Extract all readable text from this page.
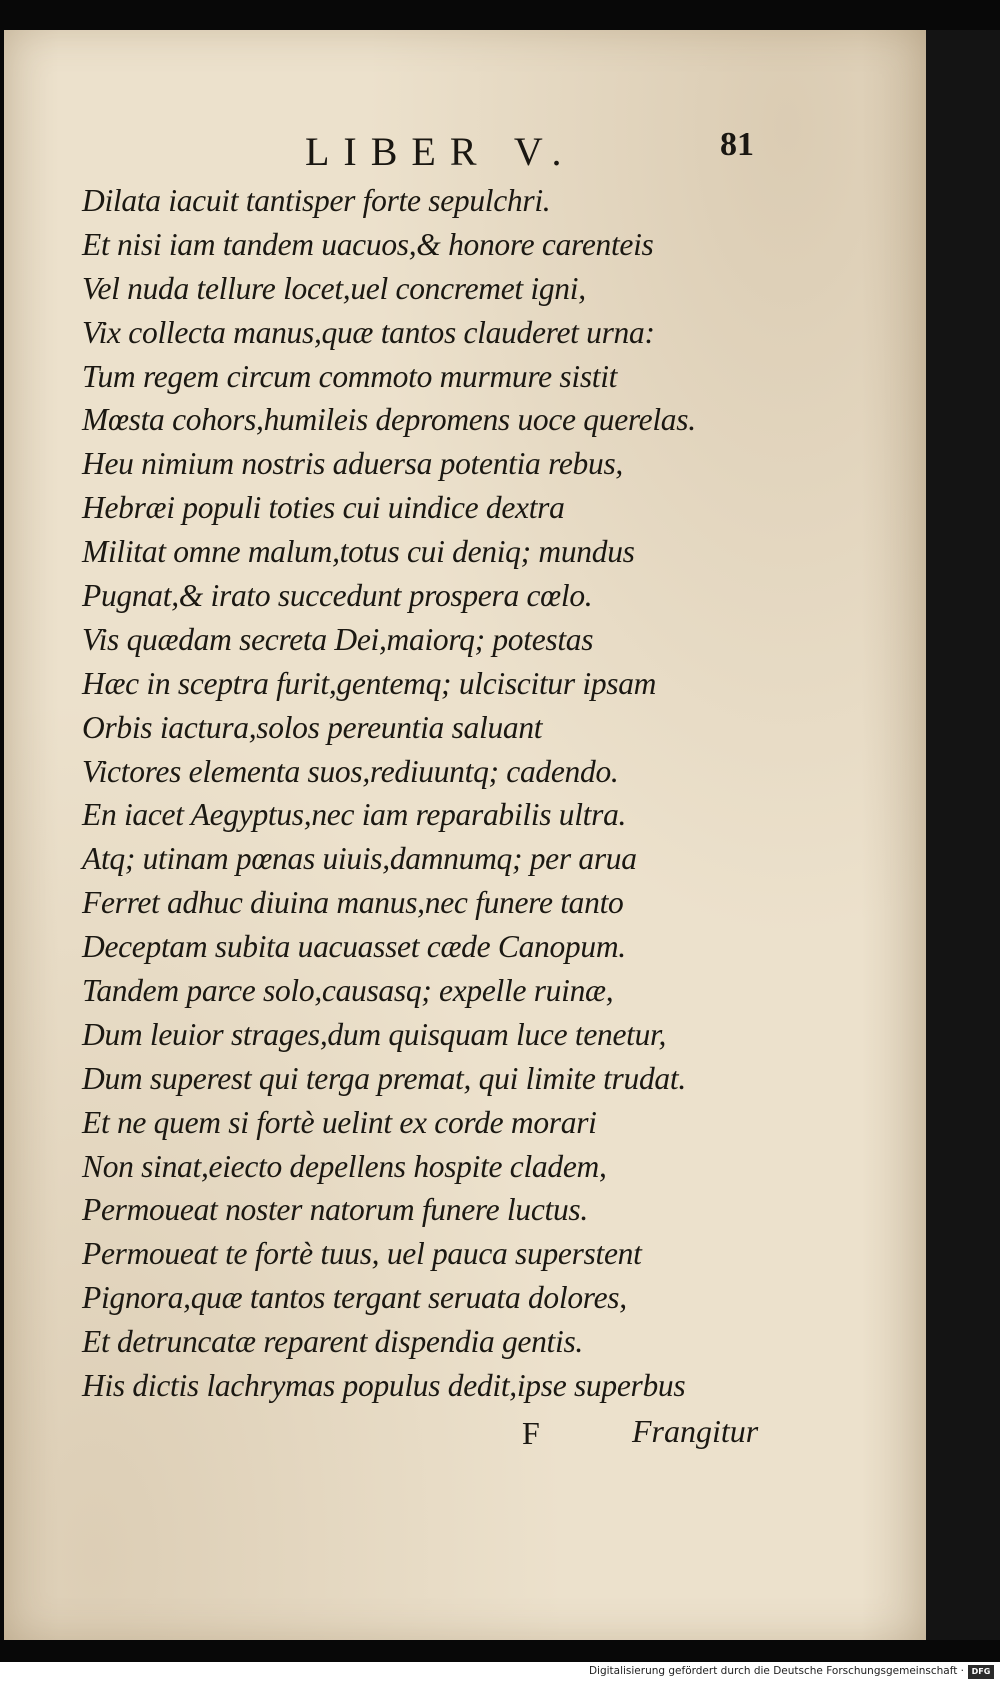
LIBER V.	81
Dilata iacuit tantisper forte sepulchri.
Et nisi iam tandem uacuos,& honore carenteis
Vel nuda tellure locet,uel concremet igni,
Vix collecta manus,quæ tantos clauderet urna:
Tum regem circum commoto murmure sistit
Mœsta cohors,humileis depromens uoce querelas.
Heu nimium nostris aduersa potentia rebus,
Hebræi populi toties cui uindice dextra
Militat omne malum,totus cui deniq; mundus
Pugnat,& irato succedunt prospera cœlo.
Vis quædam secreta Dei,maiorq; potestas
Hæc in sceptra furit,gentemq; ulciscitur ipsam
Orbis iactura,solos pereuntia saluant
Victores elementa suos,rediuuntq; cadendo.
En iacet Aegyptus,nec iam reparabilis ultra.
Atq; utinam pœnas uiuis,damnumq; per arua
Ferret adhuc diuina manus,nec funere tanto
Deceptam subita uacuasset cæde Canopum.
Tandem parce solo,causasq; expelle ruinæ,
Dum leuior strages,dum quisquam luce tenetur,
Dum superest qui terga premat, qui limite trudat.
Et ne quem si fortè uelint ex corde morari
Non sinat,eiecto depellens hospite cladem,
Permoueat noster natorum funere luctus.
Permoueat te fortè tuus, uel pauca superstent
Pignora,quæ tantos tergant seruata dolores,
Et detruncatæ reparent dispendia gentis.
His dictis lachrymas populus dedit,ipse superbus
F	Frangitur
Digitalisierung gefördert durch die Deutsche Forschungsgemeinschaft · DFG
